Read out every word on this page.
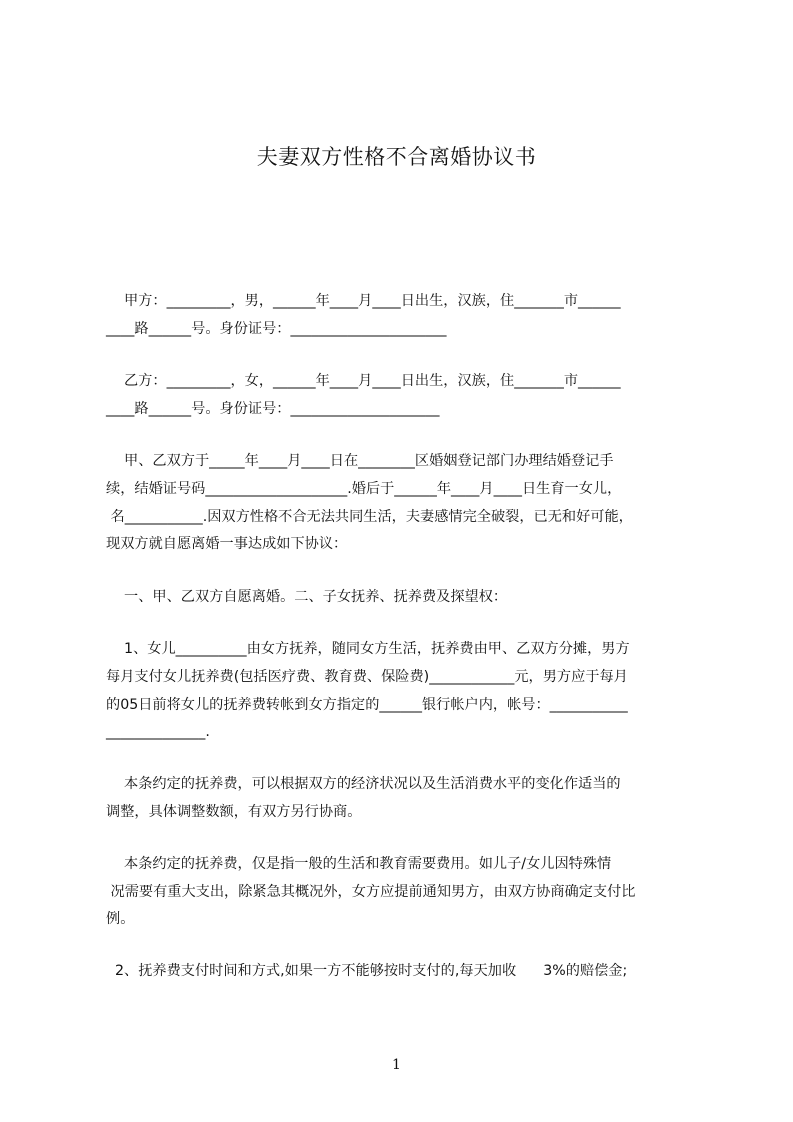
夫妻双方性格不合离婚协议书
甲方：_________，男，______年____月____日出生，汉族，住_______市______
____路______号。身份证号：______________________
乙方：_________，女，______年____月____日出生，汉族，住_______市______
____路______号。身份证号：_____________________
甲、乙双方于_____年____月____日在________区婚姻登记部门办理结婚登记手
续，结婚证号码____________________.婚后于______年____月____日生育一女儿，
名___________.因双方性格不合无法共同生活，夫妻感情完全破裂，已无和好可能，
现双方就自愿离婚一事达成如下协议：
一、甲、乙双方自愿离婚。二、子女抚养、抚养费及探望权：
1、女儿__________由女方抚养，随同女方生活，抚养费由甲、乙双方分摊，男方
每月支付女儿抚养费(包括医疗费、教育费、保险费)____________元，男方应于每月
的05日前将女儿的抚养费转帐到女方指定的______银行帐户内，帐号：___________
______________.
本条约定的抚养费，可以根据双方的经济状况以及生活消费水平的变化作适当的
调整，具体调整数额，有双方另行协商。
本条约定的抚养费，仅是指一般的生活和教育需要费用。如儿子/女儿因特殊情
况需要有重大支出，除紧急其概况外，女方应提前通知男方，由双方协商确定支付比
例。
2、抚养费支付时间和方式,如果一方不能够按时支付的,每天加收      3%的赔偿金;
1
